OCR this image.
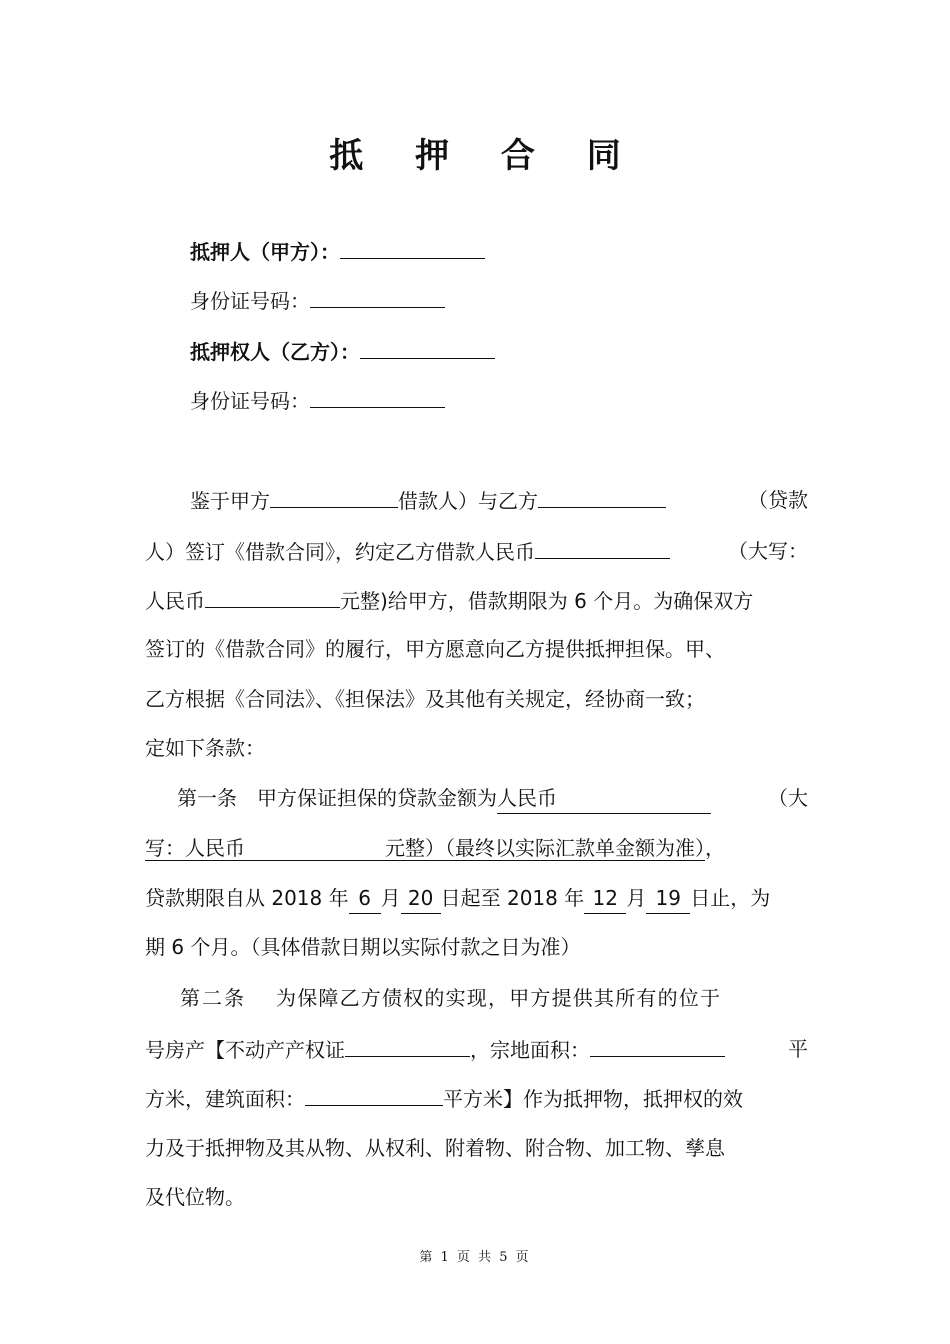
抵 押 合 同
抵押人（甲方）：
身份证号码：
抵押权人（乙方）：
身份证号码：
鉴于甲方	借款人）与乙方	（贷款
人）签订《借款合同》，约定乙方借款人民币	（大写：
人民币	元整)给甲方，借款期限为 6 个月。为确保双方
签订的《借款合同》的履行，甲方愿意向乙方提供抵押担保。甲、
乙方根据《合同法》、《担保法》及其他有关规定，经协商一致；
定如下条款：
第一条 甲方保证担保的贷款金额为人民币	（大
写：人民币	元整）（最终以实际汇款单金额为准），
贷款期限自从 2018 年 6 月 20 日起至 2018 年 12 月 19 日止，为
期 6 个月。（具体借款日期以实际付款之日为准）
第二条 为保障乙方债权的实现，甲方提供其所有的位于
号房产【不动产产权证	，宗地面积：	平
方米，建筑面积：	平方米】作为抵押物，抵押权的效
力及于抵押物及其从物、从权利、附着物、附合物、加工物、孳息
及代位物。
第 1 页 共 5 页
